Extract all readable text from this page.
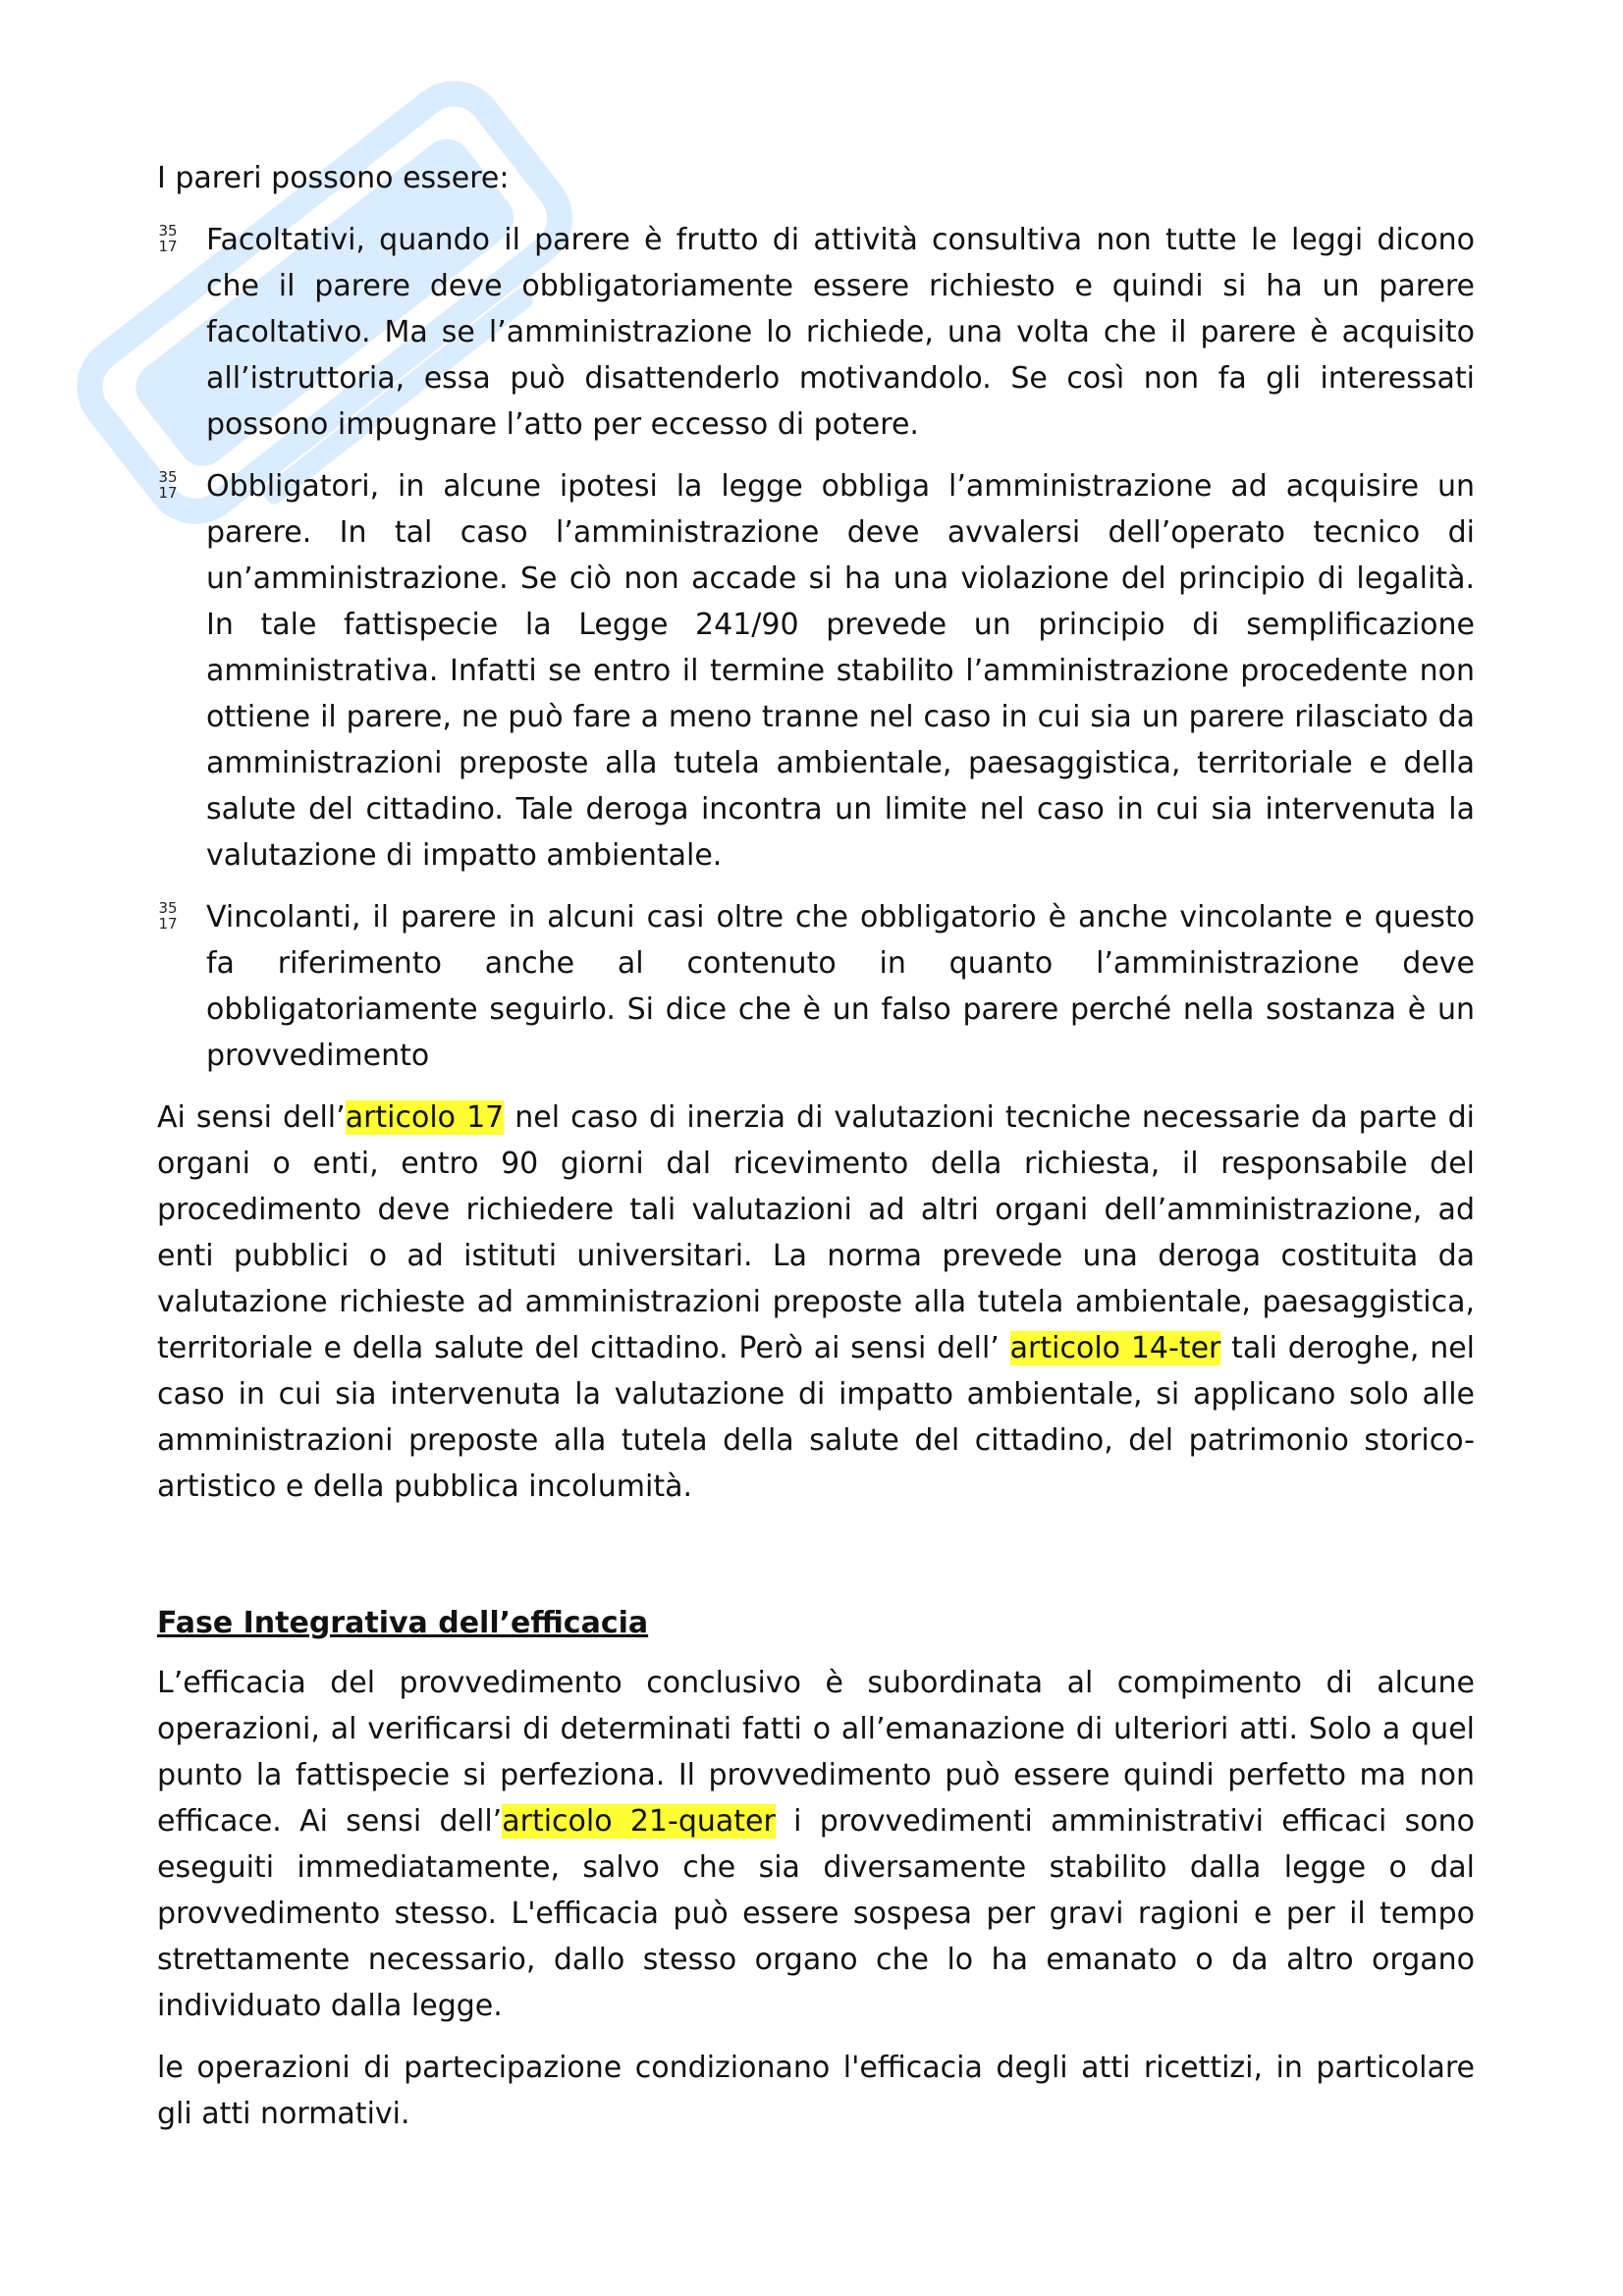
I pareri possono essere:

35
17 Facoltativi, quando il parere è frutto di attività consultiva non tutte le leggi dicono che il parere deve obbligatoriamente essere richiesto e quindi si ha un parere facoltativo. Ma se l’amministrazione lo richiede, una volta che il parere è acquisito all’istruttoria, essa può disattenderlo motivandolo. Se così non fa gli interessati possono impugnare l’atto per eccesso di potere.

35
17 Obbligatori, in alcune ipotesi la legge obbliga l’amministrazione ad acquisire un parere. In tal caso l’amministrazione deve avvalersi dell’operato tecnico di un’amministrazione. Se ciò non accade si ha una violazione del principio di legalità. In tale fattispecie la Legge 241/90 prevede un principio di semplificazione amministrativa. Infatti se entro il termine stabilito l’amministrazione procedente non ottiene il parere, ne può fare a meno tranne nel caso in cui sia un parere rilasciato da amministrazioni preposte alla tutela ambientale, paesaggistica, territoriale e della salute del cittadino. Tale deroga incontra un limite nel caso in cui sia intervenuta la valutazione di impatto ambientale.

35
17 Vincolanti, il parere in alcuni casi oltre che obbligatorio è anche vincolante e questo fa riferimento anche al contenuto in quanto l’amministrazione deve obbligatoriamente seguirlo. Si dice che è un falso parere perché nella sostanza è un provvedimento

Ai sensi dell’articolo 17 nel caso di inerzia di valutazioni tecniche necessarie da parte di organi o enti, entro 90 giorni dal ricevimento della richiesta, il responsabile del procedimento deve richiedere tali valutazioni ad altri organi dell’amministrazione, ad enti pubblici o ad istituti universitari. La norma prevede una deroga costituita da valutazione richieste ad amministrazioni preposte alla tutela ambientale, paesaggistica, territoriale e della salute del cittadino. Però ai sensi dell’ articolo 14-ter tali deroghe, nel caso in cui sia intervenuta la valutazione di impatto ambientale, si applicano solo alle amministrazioni preposte alla tutela della salute del cittadino, del patrimonio storico-artistico e della pubblica incolumità.

Fase Integrativa dell’efficacia

L’efficacia del provvedimento conclusivo è subordinata al compimento di alcune operazioni, al verificarsi di determinati fatti o all’emanazione di ulteriori atti. Solo a quel punto la fattispecie si perfeziona. Il provvedimento può essere quindi perfetto ma non efficace. Ai sensi dell’articolo 21-quater i provvedimenti amministrativi efficaci sono eseguiti immediatamente, salvo che sia diversamente stabilito dalla legge o dal provvedimento stesso. L'efficacia può essere sospesa per gravi ragioni e per il tempo strettamente necessario, dallo stesso organo che lo ha emanato o da altro organo individuato dalla legge.

le operazioni di partecipazione condizionano l'efficacia degli atti ricettizi, in particolare gli atti normativi.
